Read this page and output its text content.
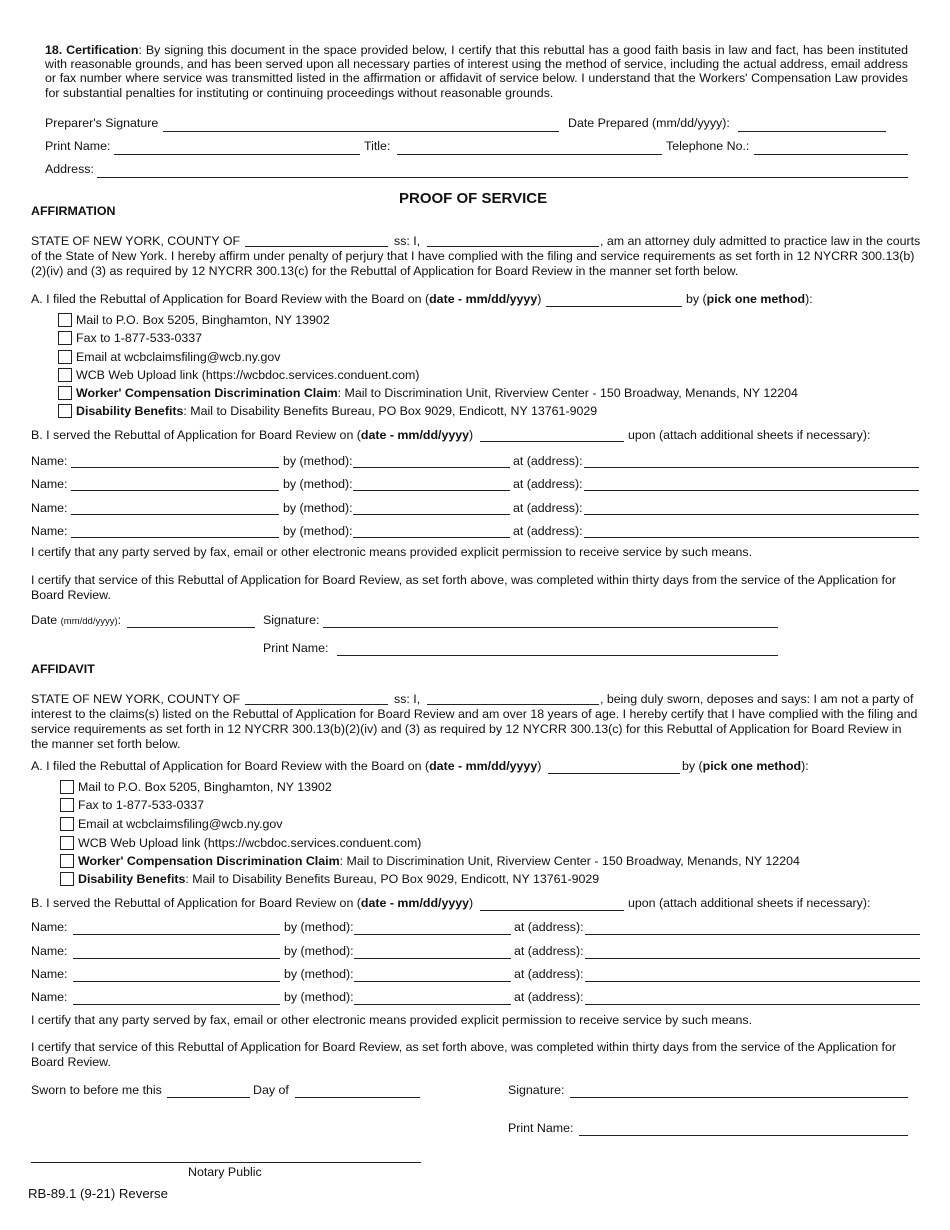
18. Certification: By signing this document in the space provided below, I certify that this rebuttal has a good faith basis in law and fact, has been instituted with reasonable grounds, and has been served upon all necessary parties of interest using the method of service, including the actual address, email address or fax number where service was transmitted listed in the affirmation or affidavit of service below. I understand that the Workers' Compensation Law provides for substantial penalties for instituting or continuing proceedings without reasonable grounds.
Preparer's Signature	Date Prepared (mm/dd/yyyy):
Print Name:	Title:	Telephone No.:
Address:
PROOF OF SERVICE
AFFIRMATION
STATE OF NEW YORK, COUNTY OF	ss: I,	, am an attorney duly admitted to practice law in the courts
of the State of New York. I hereby affirm under penalty of perjury that I have complied with the filing and service requirements as set forth in 12 NYCRR 300.13(b)
(2)(iv) and (3) as required by 12 NYCRR 300.13(c) for the Rebuttal of Application for Board Review in the manner set forth below.
A. I filed the Rebuttal of Application for Board Review with the Board on (date - mm/dd/yyyy)	by (pick one method):
Mail to P.O. Box 5205, Binghamton, NY 13902
Fax to 1-877-533-0337
Email at wcbclaimsfiling@wcb.ny.gov
WCB Web Upload link (https://wcbdoc.services.conduent.com)
Worker' Compensation Discrimination Claim: Mail to Discrimination Unit, Riverview Center - 150 Broadway, Menands, NY 12204
Disability Benefits: Mail to Disability Benefits Bureau, PO Box 9029, Endicott, NY 13761-9029
B. I served the Rebuttal of Application for Board Review on (date - mm/dd/yyyy)	upon (attach additional sheets if necessary):
Name:	by (method):	at (address):
Name:	by (method):	at (address):
Name:	by (method):	at (address):
Name:	by (method):	at (address):
I certify that any party served by fax, email or other electronic means provided explicit permission to receive service by such means.
I certify that service of this Rebuttal of Application for Board Review, as set forth above, was completed within thirty days from the service of the Application for Board Review.
Date (mm/dd/yyyy):	Signature:
Print Name:
AFFIDAVIT
STATE OF NEW YORK, COUNTY OF	ss: I,	, being duly sworn, deposes and says: I am not a party of
interest to the claims(s) listed on the Rebuttal of Application for Board Review and am over 18 years of age. I hereby certify that I have complied with the filing and
service requirements as set forth in 12 NYCRR 300.13(b)(2)(iv) and (3) as required by 12 NYCRR 300.13(c) for this Rebuttal of Application for Board Review in
the manner set forth below.
A. I filed the Rebuttal of Application for Board Review with the Board on (date - mm/dd/yyyy)	by (pick one method):
Mail to P.O. Box 5205, Binghamton, NY 13902
Fax to 1-877-533-0337
Email at wcbclaimsfiling@wcb.ny.gov
WCB Web Upload link (https://wcbdoc.services.conduent.com)
Worker' Compensation Discrimination Claim: Mail to Discrimination Unit, Riverview Center - 150 Broadway, Menands, NY 12204
Disability Benefits: Mail to Disability Benefits Bureau, PO Box 9029, Endicott, NY 13761-9029
B. I served the Rebuttal of Application for Board Review on (date - mm/dd/yyyy)	upon (attach additional sheets if necessary):
Name:	by (method):	at (address):
Name:	by (method):	at (address):
Name:	by (method):	at (address):
Name:	by (method):	at (address):
I certify that any party served by fax, email or other electronic means provided explicit permission to receive service by such means.
I certify that service of this Rebuttal of Application for Board Review, as set forth above, was completed within thirty days from the service of the Application for Board Review.
Sworn to before me this	Day of	Signature:
Print Name:
Notary Public
RB-89.1 (9-21) Reverse
